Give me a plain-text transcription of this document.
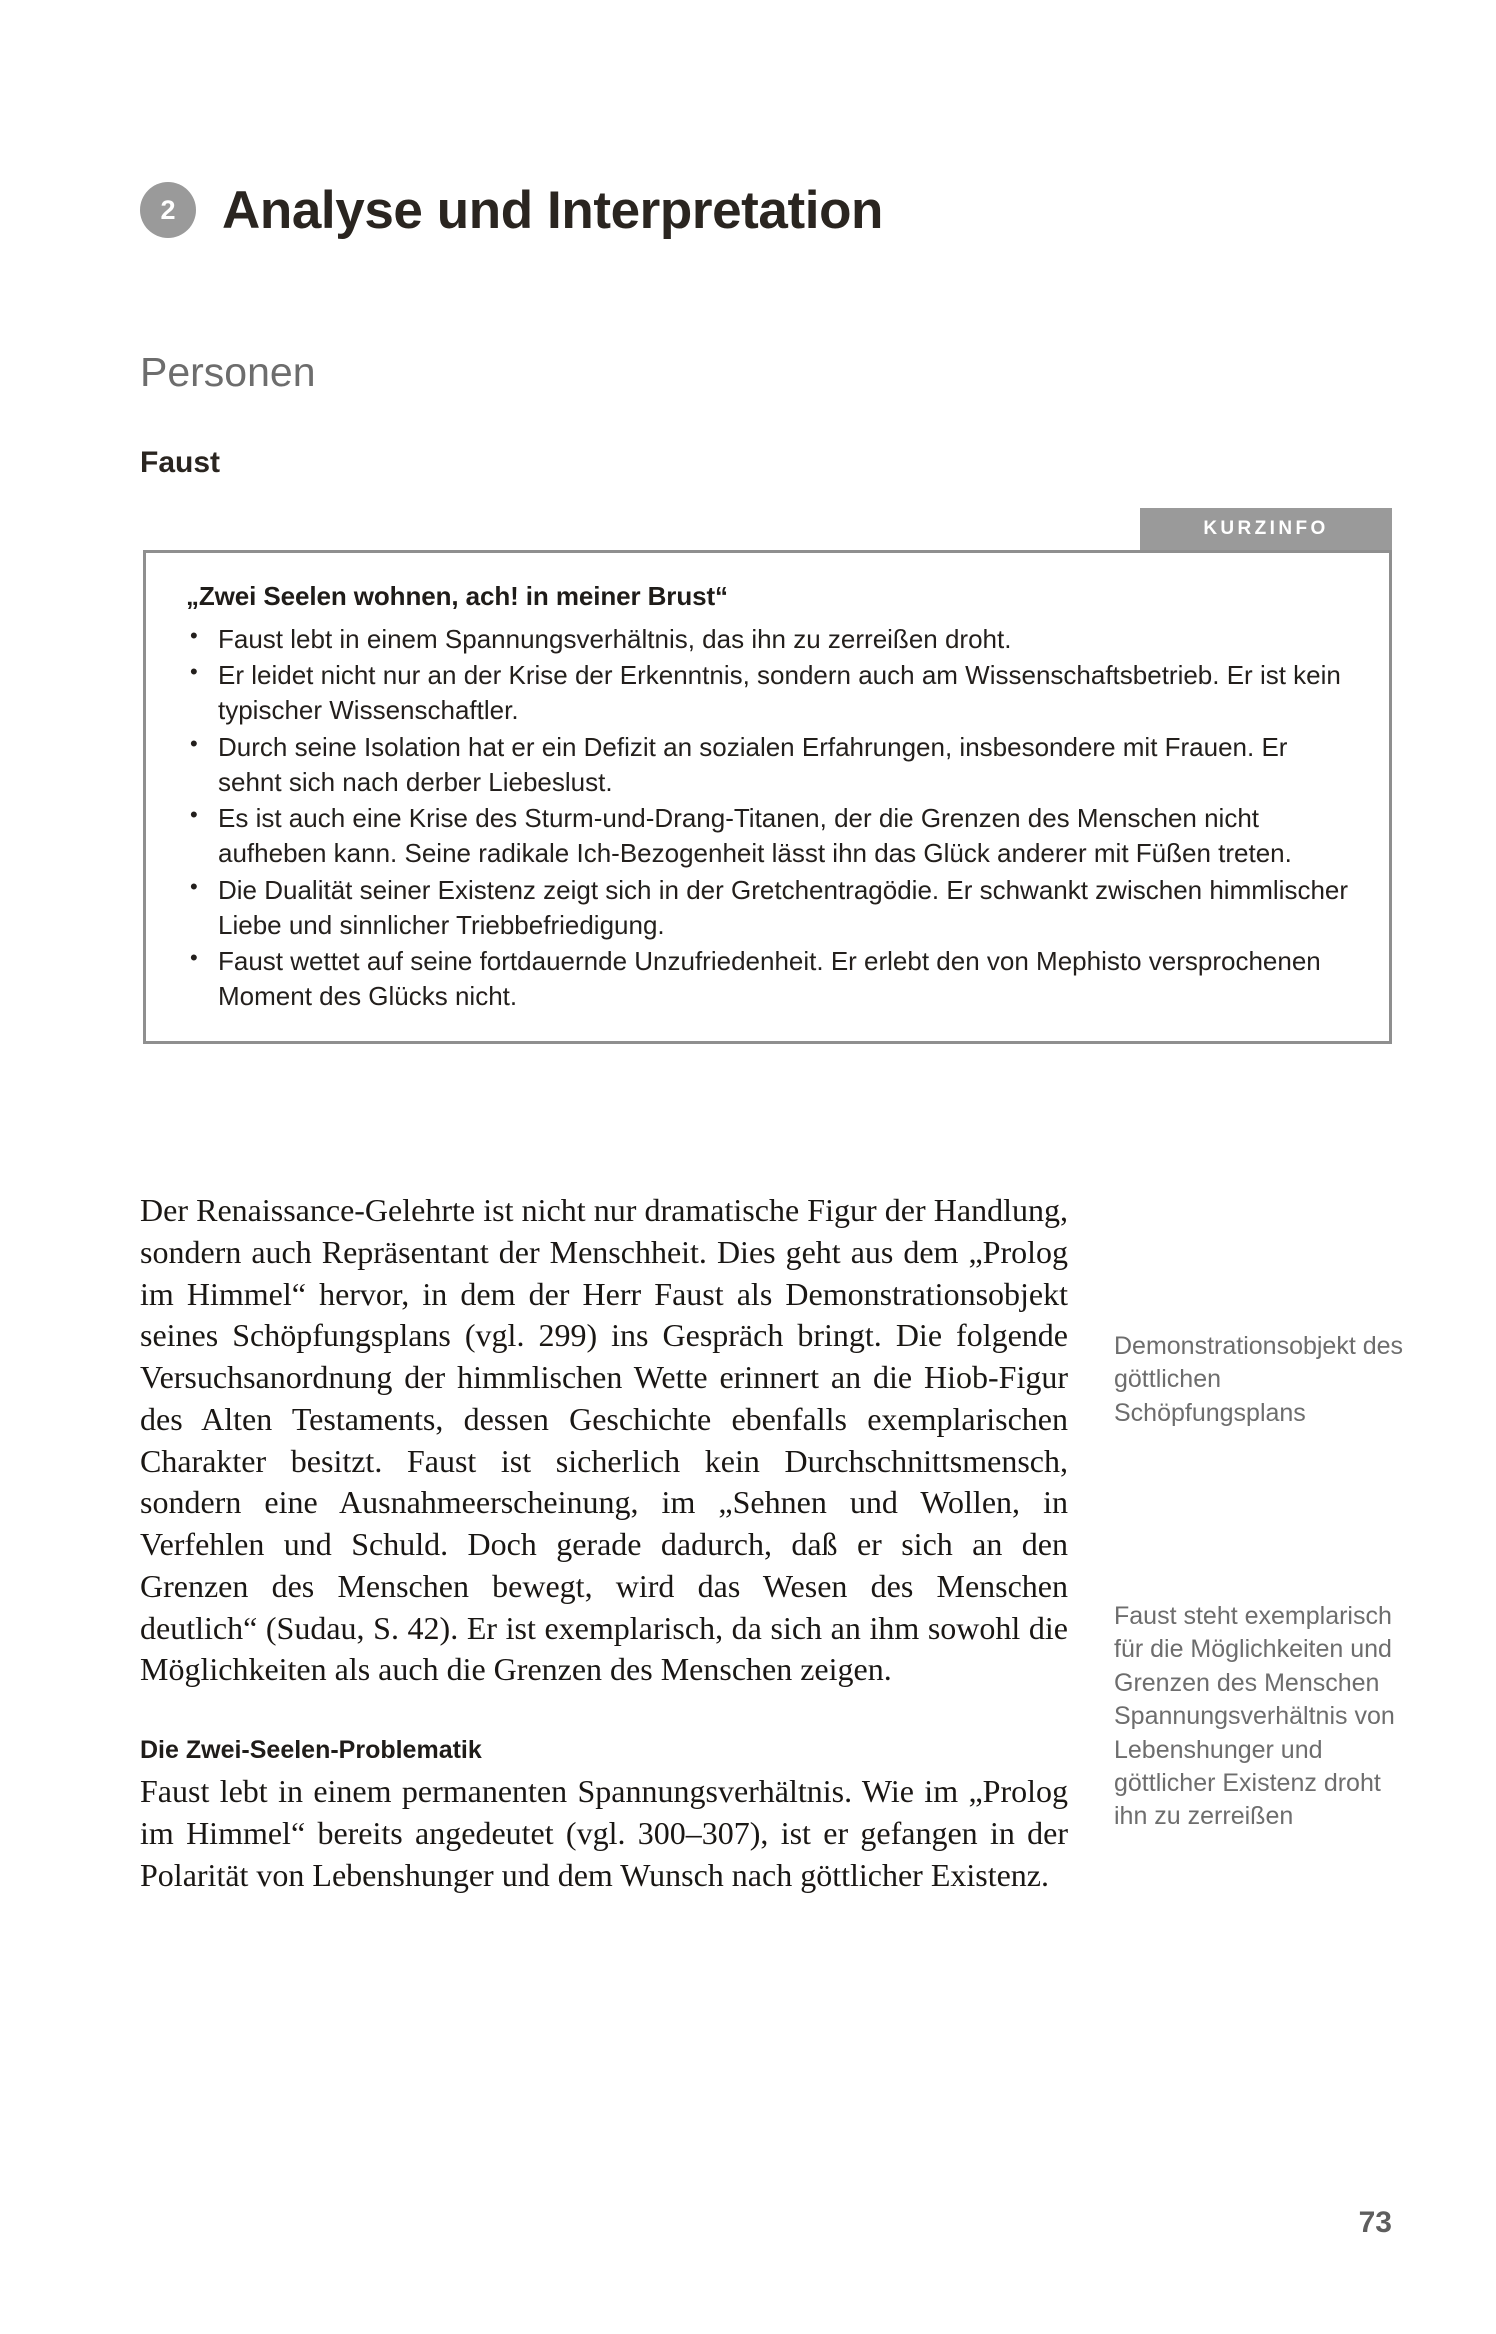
2 Analyse und Interpretation
Personen
Faust
KURZINFO
„Zwei Seelen wohnen, ach! in meiner Brust“
• Faust lebt in einem Spannungsverhältnis, das ihn zu zerreißen droht.
• Er leidet nicht nur an der Krise der Erkenntnis, sondern auch am Wissenschaftsbetrieb. Er ist kein typischer Wissenschaftler.
• Durch seine Isolation hat er ein Defizit an sozialen Erfahrungen, insbesondere mit Frauen. Er sehnt sich nach derber Liebeslust.
• Es ist auch eine Krise des Sturm-und-Drang-Titanen, der die Grenzen des Menschen nicht aufheben kann. Seine radikale Ich-Bezogenheit lässt ihn das Glück anderer mit Füßen treten.
• Die Dualität seiner Existenz zeigt sich in der Gretchentragödie. Er schwankt zwischen himmlischer Liebe und sinnlicher Triebbefriedigung.
• Faust wettet auf seine fortdauernde Unzufriedenheit. Er erlebt den von Mephisto versprochenen Moment des Glücks nicht.

Der Renaissance-Gelehrte ist nicht nur dramatische Figur der Handlung, sondern auch Repräsentant der Menschheit. Dies geht aus dem „Prolog im Himmel“ hervor, in dem der Herr Faust als Demonstrationsobjekt seines Schöpfungsplans (vgl. 299) ins Gespräch bringt. Die folgende Versuchsanordnung der himmlischen Wette erinnert an die Hiob-Figur des Alten Testaments, dessen Geschichte ebenfalls exemplarischen Charakter besitzt. Faust ist sicherlich kein Durchschnittsmensch, sondern eine Ausnahmeerscheinung, im „Sehnen und Wollen, in Verfehlen und Schuld. Doch gerade dadurch, daß er sich an den Grenzen des Menschen bewegt, wird das Wesen des Menschen deutlich“ (Sudau, S. 42). Er ist exemplarisch, da sich an ihm sowohl die Möglichkeiten als auch die Grenzen des Menschen zeigen.

Die Zwei-Seelen-Problematik

Faust lebt in einem permanenten Spannungsverhältnis. Wie im „Prolog im Himmel“ bereits angedeutet (vgl. 300–307), ist er gefangen in der Polarität von Lebenshunger und dem Wunsch nach göttlicher Existenz.

Demonstrationsobjekt des göttlichen Schöpfungsplans
Faust steht exemplarisch für die Möglichkeiten und Grenzen des Menschen Spannungsverhältnis von Lebenshunger und göttlicher Existenz droht ihn zu zerreißen
73
